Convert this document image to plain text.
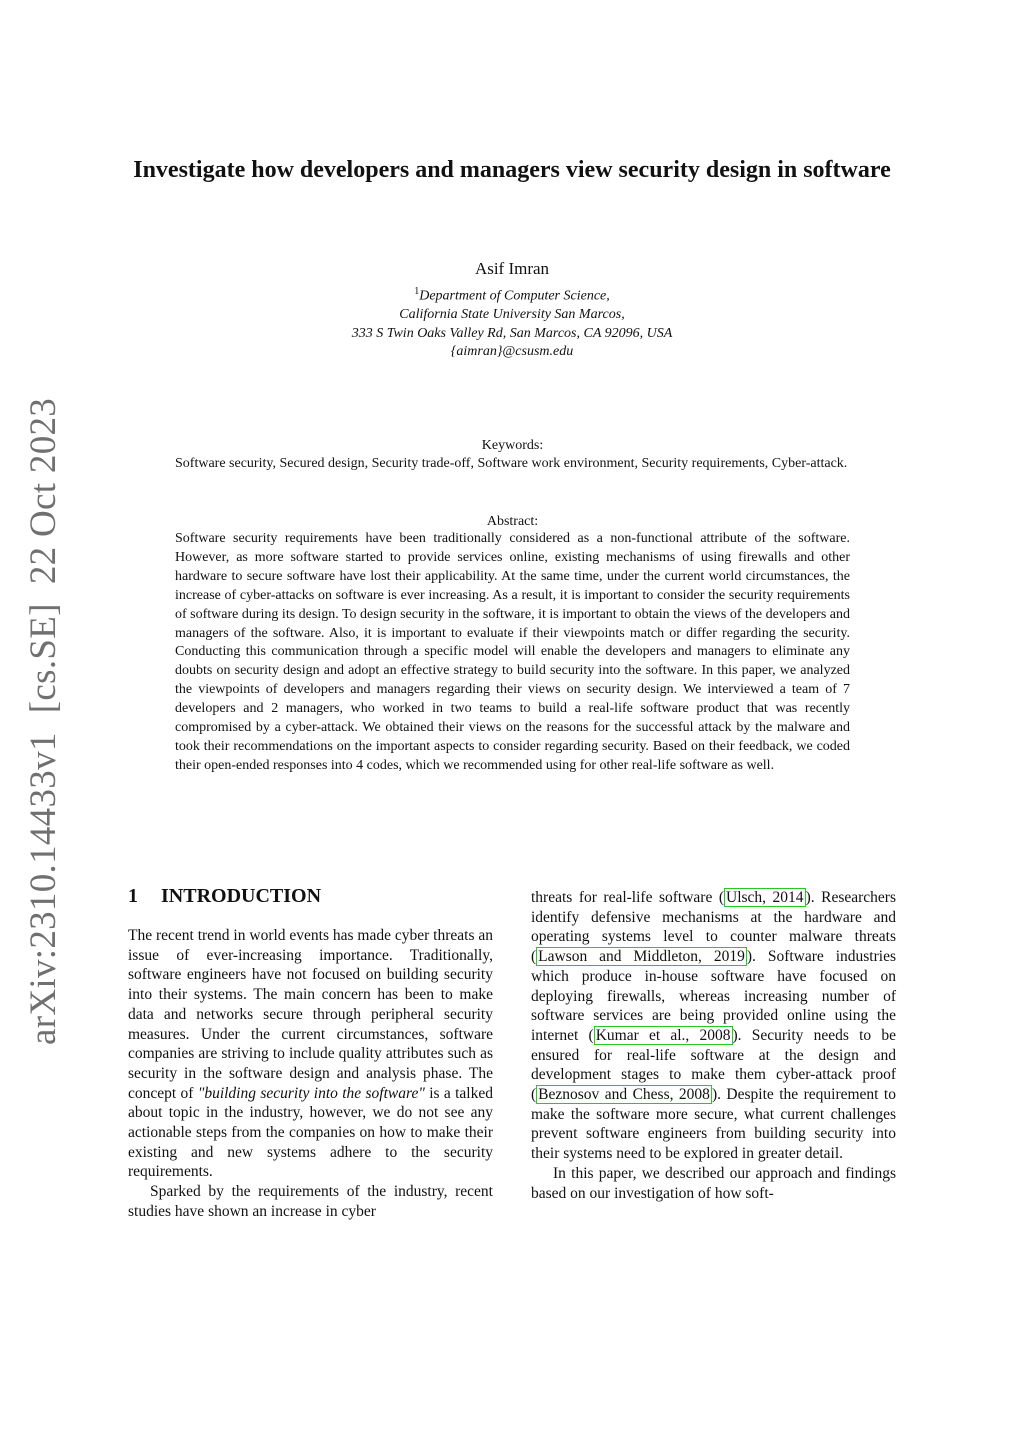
arXiv:2310.14433v1  [cs.SE]  22 Oct 2023
Investigate how developers and managers view security design in software
Asif Imran
$^1$Department of Computer Science,
California State University San Marcos,
333 S Twin Oaks Valley Rd, San Marcos, CA 92096, USA
{aimran}@csusm.edu
Keywords:
Software security, Secured design, Security trade-off, Software work environment, Security requirements, Cyber-attack.
Abstract:
Software security requirements have been traditionally considered as a non-functional attribute of the software. However, as more software started to provide services online, existing mechanisms of using firewalls and other hardware to secure software have lost their applicability. At the same time, under the current world circumstances, the increase of cyber-attacks on software is ever increasing. As a result, it is important to consider the security requirements of software during its design. To design security in the software, it is important to obtain the views of the developers and managers of the software. Also, it is important to evaluate if their viewpoints match or differ regarding the security. Conducting this communication through a specific model will enable the developers and managers to eliminate any doubts on security design and adopt an effective strategy to build security into the software. In this paper, we analyzed the viewpoints of developers and managers regarding their views on security design. We interviewed a team of 7 developers and 2 managers, who worked in two teams to build a real-life software product that was recently compromised by a cyber-attack. We obtained their views on the reasons for the successful attack by the malware and took their recommendations on the important aspects to consider regarding security. Based on their feedback, we coded their open-ended responses into 4 codes, which we recommended using for other real-life software as well.
1 INTRODUCTION

The recent trend in world events has made cyber threats an issue of ever-increasing importance. Traditionally, software engineers have not focused on building security into their systems. The main concern has been to make data and networks secure through peripheral security measures. Under the current circumstances, software companies are striving to include quality attributes such as security in the software design and analysis phase. The concept of "building security into the software" is a talked about topic in the industry, however, we do not see any actionable steps from the companies on how to make their existing and new systems adhere to the security requirements.

Sparked by the requirements of the industry, recent studies have shown an increase in cyber

threats for real-life software ( Ulsch, 2014 ). Researchers identify defensive mechanisms at the hardware and operating systems level to counter malware threats ( Lawson and Middleton, 2019 ). Software industries which produce in-house software have focused on deploying firewalls, whereas increasing number of software services are being provided online using the internet ( Kumar et al., 2008 ). Security needs to be ensured for real-life software at the design and development stages to make them cyber-attack proof ( Beznosov and Chess, 2008 ). Despite the requirement to make the software more secure, what current challenges prevent software engineers from building security into their systems need to be explored in greater detail.

In this paper, we described our approach and findings based on our investigation of how soft-
